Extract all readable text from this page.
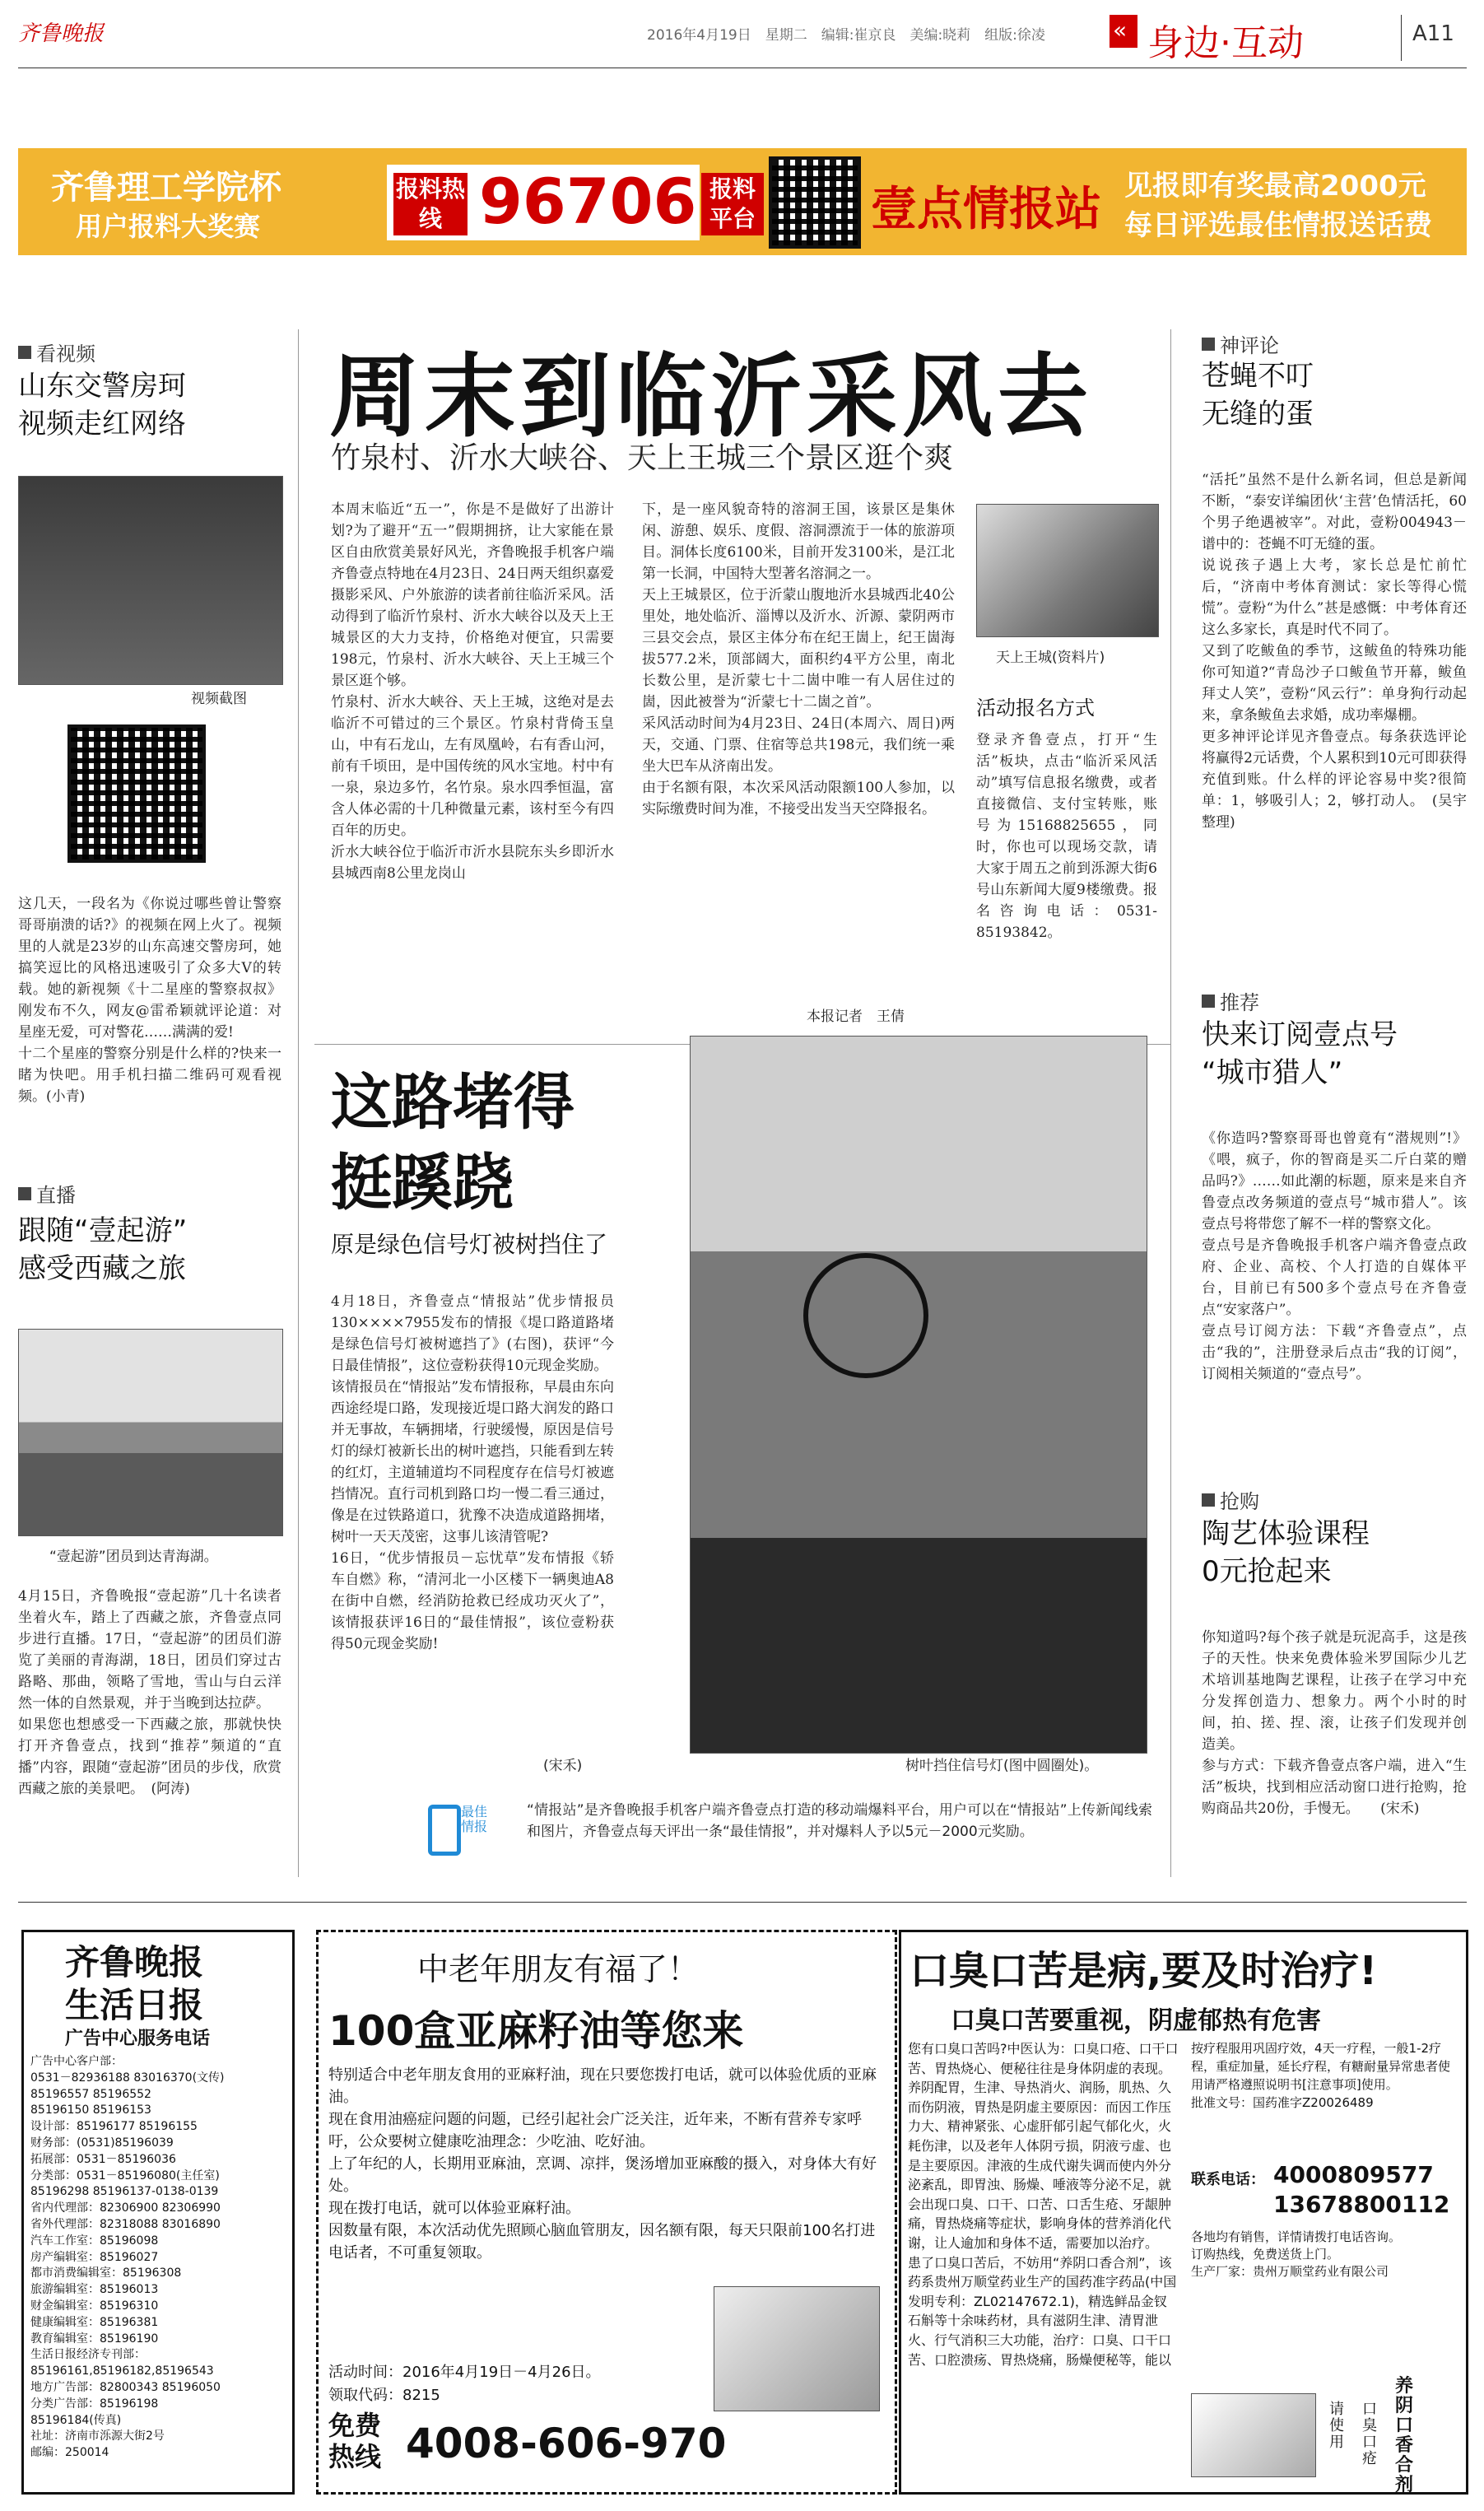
齐鲁晚报	2016年4月19日　星期二　编辑:崔京良　美编:晓莉　组版:徐凌	« 身边·互动	A11
齐鲁理工学院杯
用户报料大奖赛
报料热线 96706 报料平台	壹点情报站 见报即有奖最高2000元
每日评选最佳情报送话费
看视频
山东交警房珂
视频走红网络
视频截图
这几天，一段名为《你说过哪些曾让警察哥哥崩溃的话?》的视频在网上火了。视频里的人就是23岁的山东高速交警房珂，她搞笑逗比的风格迅速吸引了众多大V的转载。她的新视频《十二星座的警察叔叔》刚发布不久，网友@雷希颖就评论道：对星座无爱，可对警花……满满的爱!
十二个星座的警察分别是什么样的?快来一睹为快吧。用手机扫描二维码可观看视频。(小青)
直播
跟随“壹起游”
感受西藏之旅
“壹起游”团员到达青海湖。
4月15日，齐鲁晚报“壹起游”几十名读者坐着火车，踏上了西藏之旅，齐鲁壹点同步进行直播。17日，“壹起游”的团员们游览了美丽的青海湖，18日，团员们穿过古路略、那曲，领略了雪地，雪山与白云洋然一体的自然景观，并于当晚到达拉萨。
如果您也想感受一下西藏之旅，那就快快打开齐鲁壹点，找到“推荐”频道的“直播”内容，跟随“壹起游”团员的步伐，欣赏西藏之旅的美景吧。　(阿涛)
周末到临沂采风去
竹泉村、沂水大峡谷、天上王城三个景区逛个爽
本周末临近“五一”，你是不是做好了出游计划?为了避开“五一”假期拥挤，让大家能在景区自由欣赏美景好风光，齐鲁晚报手机客户端齐鲁壹点特地在4月23日、24日两天组织嘉爱摄影采风、户外旅游的读者前往临沂采风。活动得到了临沂竹泉村、沂水大峡谷以及天上王城景区的大力支持，价格绝对便宜，只需要198元，竹泉村、沂水大峡谷、天上王城三个景区逛个够。
竹泉村、沂水大峡谷、天上王城，这绝对是去临沂不可错过的三个景区。竹泉村背倚玉皇山，中有石龙山，左有凤凰岭，右有香山河，前有千顷田，是中国传统的风水宝地。村中有一泉，泉边多竹，名竹泉。泉水四季恒温，富含人体必需的十几种微量元素，该村至今有四百年的历史。
沂水大峡谷位于临沂市沂水县院东头乡即沂水县城西南8公里龙岗山
下，是一座风貌奇特的溶洞王国，该景区是集休闲、游憩、娱乐、度假、溶洞漂流于一体的旅游项目。洞体长度6100米，目前开发3100米，是江北第一长洞，中国特大型著名溶洞之一。
天上王城景区，位于沂蒙山腹地沂水县城西北40公里处，地处临沂、淄博以及沂水、沂源、蒙阴两市三县交会点，景区主体分布在纪王崮上，纪王崮海拔577.2米，顶部阔大，面积约4平方公里，南北长数公里，是沂蒙七十二崮中唯一有人居住过的崮，因此被誉为“沂蒙七十二崮之首”。
采风活动时间为4月23日、24日(本周六、周日)两天，交通、门票、住宿等总共198元，我们统一乘坐大巴车从济南出发。
由于名额有限，本次采风活动限额100人参加，以实际缴费时间为准，不接受出发当天空降报名。
本报记者　王倩
天上王城(资料片)
活动报名方式
登录齐鲁壹点，打开“生活”板块，点击“临沂采风活动”填写信息报名缴费，或者直接微信、支付宝转账，账号为15168825655，同时，你也可以现场交款，请大家于周五之前到泺源大街6号山东新闻大厦9楼缴费。报名咨询电话：0531-85193842。
这路堵得
挺蹊跷
原是绿色信号灯被树挡住了
4月18日，齐鲁壹点“情报站”优步情报员130××××7955发布的情报《堤口路道路堵是绿色信号灯被树遮挡了》(右图)，获评“今日最佳情报”，这位壹粉获得10元现金奖励。
该情报员在“情报站”发布情报称，早晨由东向西途经堤口路，发现接近堤口路大润发的路口并无事故，车辆拥堵，行驶缓慢，原因是信号灯的绿灯被新长出的树叶遮挡，只能看到左转的红灯，主道辅道均不同程度存在信号灯被遮挡情况。直行司机到路口均一慢二看三通过，像是在过铁路道口，犹豫不决造成道路拥堵，树叶一天天茂密，这事儿该清管呢?
16日，“优步情报员－忘忧草”发布情报《轿车自燃》称，“清河北一小区楼下一辆奥迪A8在街中自燃，经消防抢救已经成功灭火了”，该情报获评16日的“最佳情报”，该位壹粉获得50元现金奖励!
(宋禾)	树叶挡住信号灯(图中圆圈处)。
最佳情报
“情报站”是齐鲁晚报手机客户端齐鲁壹点打造的移动端爆料平台，用户可以在“情报站”上传新闻线索和图片，齐鲁壹点每天评出一条“最佳情报”，并对爆料人予以5元－2000元奖励。
神评论
苍蝇不叮
无缝的蛋
“活托”虽然不是什么新名词，但总是新闻不断，“泰安详编团伙‘主营’色情活托，60个男子绝遇被宰”。对此，壹粉004943－谱中的：苍蝇不叮无缝的蛋。
说说孩子遇上大考，家长总是忙前忙后，“济南中考体育测试：家长等得心慌慌”。壹粉“为什么”甚是感慨：中考体育还这么多家长，真是时代不同了。
又到了吃鲅鱼的季节，这鲅鱼的特殊功能你可知道?“青岛沙子口鲅鱼节开幕，鲅鱼拜丈人笑”，壹粉“风云行”：单身狗行动起来，拿条鲅鱼去求婚，成功率爆棚。
更多神评论详见齐鲁壹点。每条获选评论将赢得2元话费，个人累积到10元可即获得充值到账。什么样的评论容易中奖?很简单：1，够吸引人；2，够打动人。　(吴宇　整理)
推荐
快来订阅壹点号
“城市猎人”
《你造吗?警察哥哥也曾竟有“潜规则”!》《喂，疯子，你的智商是买二斤白菜的赠品吗?》……如此潮的标题，原来是来自齐鲁壹点改务频道的壹点号“城市猎人”。该壹点号将带您了解不一样的警察文化。
壹点号是齐鲁晚报手机客户端齐鲁壹点政府、企业、高校、个人打造的自媒体平台，目前已有500多个壹点号在齐鲁壹点“安家落户”。
壹点号订阅方法：下载“齐鲁壹点”，点击“我的”，注册登录后点击“我的订阅”，订阅相关频道的“壹点号”。
抢购
陶艺体验课程
0元抢起来
你知道吗?每个孩子就是玩泥高手，这是孩子的天性。快来免费体验米罗国际少儿艺术培训基地陶艺课程，让孩子在学习中充分发挥创造力、想象力。两个小时的时间，拍、搓、捏、滚，让孩子们发现并创造美。
参与方式：下载齐鲁壹点客户端，进入“生活”板块，找到相应活动窗口进行抢购，抢购商品共20份，手慢无。　　(宋禾)
齐鲁晚报
生活日报
广告中心服务电话
广告中心客户部：
0531－82936188 83016370(文传)
85196557 85196552
85196150 85196153
设计部：85196177 85196155
财务部：(0531)85196039
拓展部：0531－85196036
分类部：0531－85196080(主任室)
85196298 85196137-0138-0139
省内代理部：82306900 82306990
省外代理部：82318088 83016890
汽车工作室：85196098
房产编辑室：85196027
都市消费编辑室：85196308
旅游编辑室：85196013
财金编辑室：85196310
健康编辑室：85196381
教育编辑室：85196190
生活日报经济专刊部：
85196161,85196182,85196543
地方广告部：82800343 85196050
分类广告部：85196198
85196184(传真)
社址：济南市泺源大街2号
邮编：250014
中老年朋友有福了！
100盒亚麻籽油等您来
特别适合中老年朋友食用的亚麻籽油，现在只要您拨打电话，就可以体验优质的亚麻油。
现在食用油癌症问题的问题，已经引起社会广泛关注，近年来，不断有营养专家呼吁，公众要树立健康吃油理念：少吃油、吃好油。
上了年纪的人，长期用亚麻油，烹调、凉拌，煲汤增加亚麻酸的摄入，对身体大有好处。
现在拨打电话，就可以体验亚麻籽油。
因数量有限，本次活动优先照顾心脑血管朋友，因名额有限，每天只限前100名打进电话者，不可重复领取。
活动时间：2016年4月19日－4月26日。
领取代码：8215
免费热线 4008-606-970
口臭口苦是病,要及时治疗!
口臭口苦要重视，阴虚郁热有危害
您有口臭口苦吗?中医认为：口臭口疮、口干口苦、胃热烧心、便秘往往是身体阴虚的表现。
养阴配胃，生津、导热消火、润肠，肌热、久而伤阴液，胃热是阴虚主要原因：而因工作压力大、精神紧张、心虚肝郁引起气郁化火，火耗伤津，以及老年人体阴亏损，阴液亏虚、也是主要原因。津液的生成代谢失调而使内外分泌紊乱，即胃浊、肠燥、唾液等分泌不足，就会出现口臭、口干、口苦、口舌生疮、牙龈肿痛，胃热烧痛等症状，影响身体的营养消化代谢，让人逾加和身体不适，需要加以治疗。
患了口臭口苦后，不妨用“养阴口香合剂”，该药系贵州万顺堂药业生产的国药准字药品(中国发明专利：ZL02147672.1)，精选鲜品金钗石斛等十余味药材，具有滋阴生津、清胃泄火、行气消积三大功能，治疗：口臭、口干口苦、口腔溃疡、胃热烧痛，肠燥便秘等，能以
按疗程服用巩固疗效，4天一疗程，一般1-2疗程，重症加量，延长疗程，有糖耐量异常患者使用请严格遵照说明书[注意事项]使用。
批准文号：国药准字Z20026489
联系电话： 4000809577
13678800112
各地均有销售，详情请拨打电话咨询。
订购热线，免费送货上门。
生产厂家：贵州万顺堂药业有限公司
请使用
口臭口疮
养阴口香合剂
